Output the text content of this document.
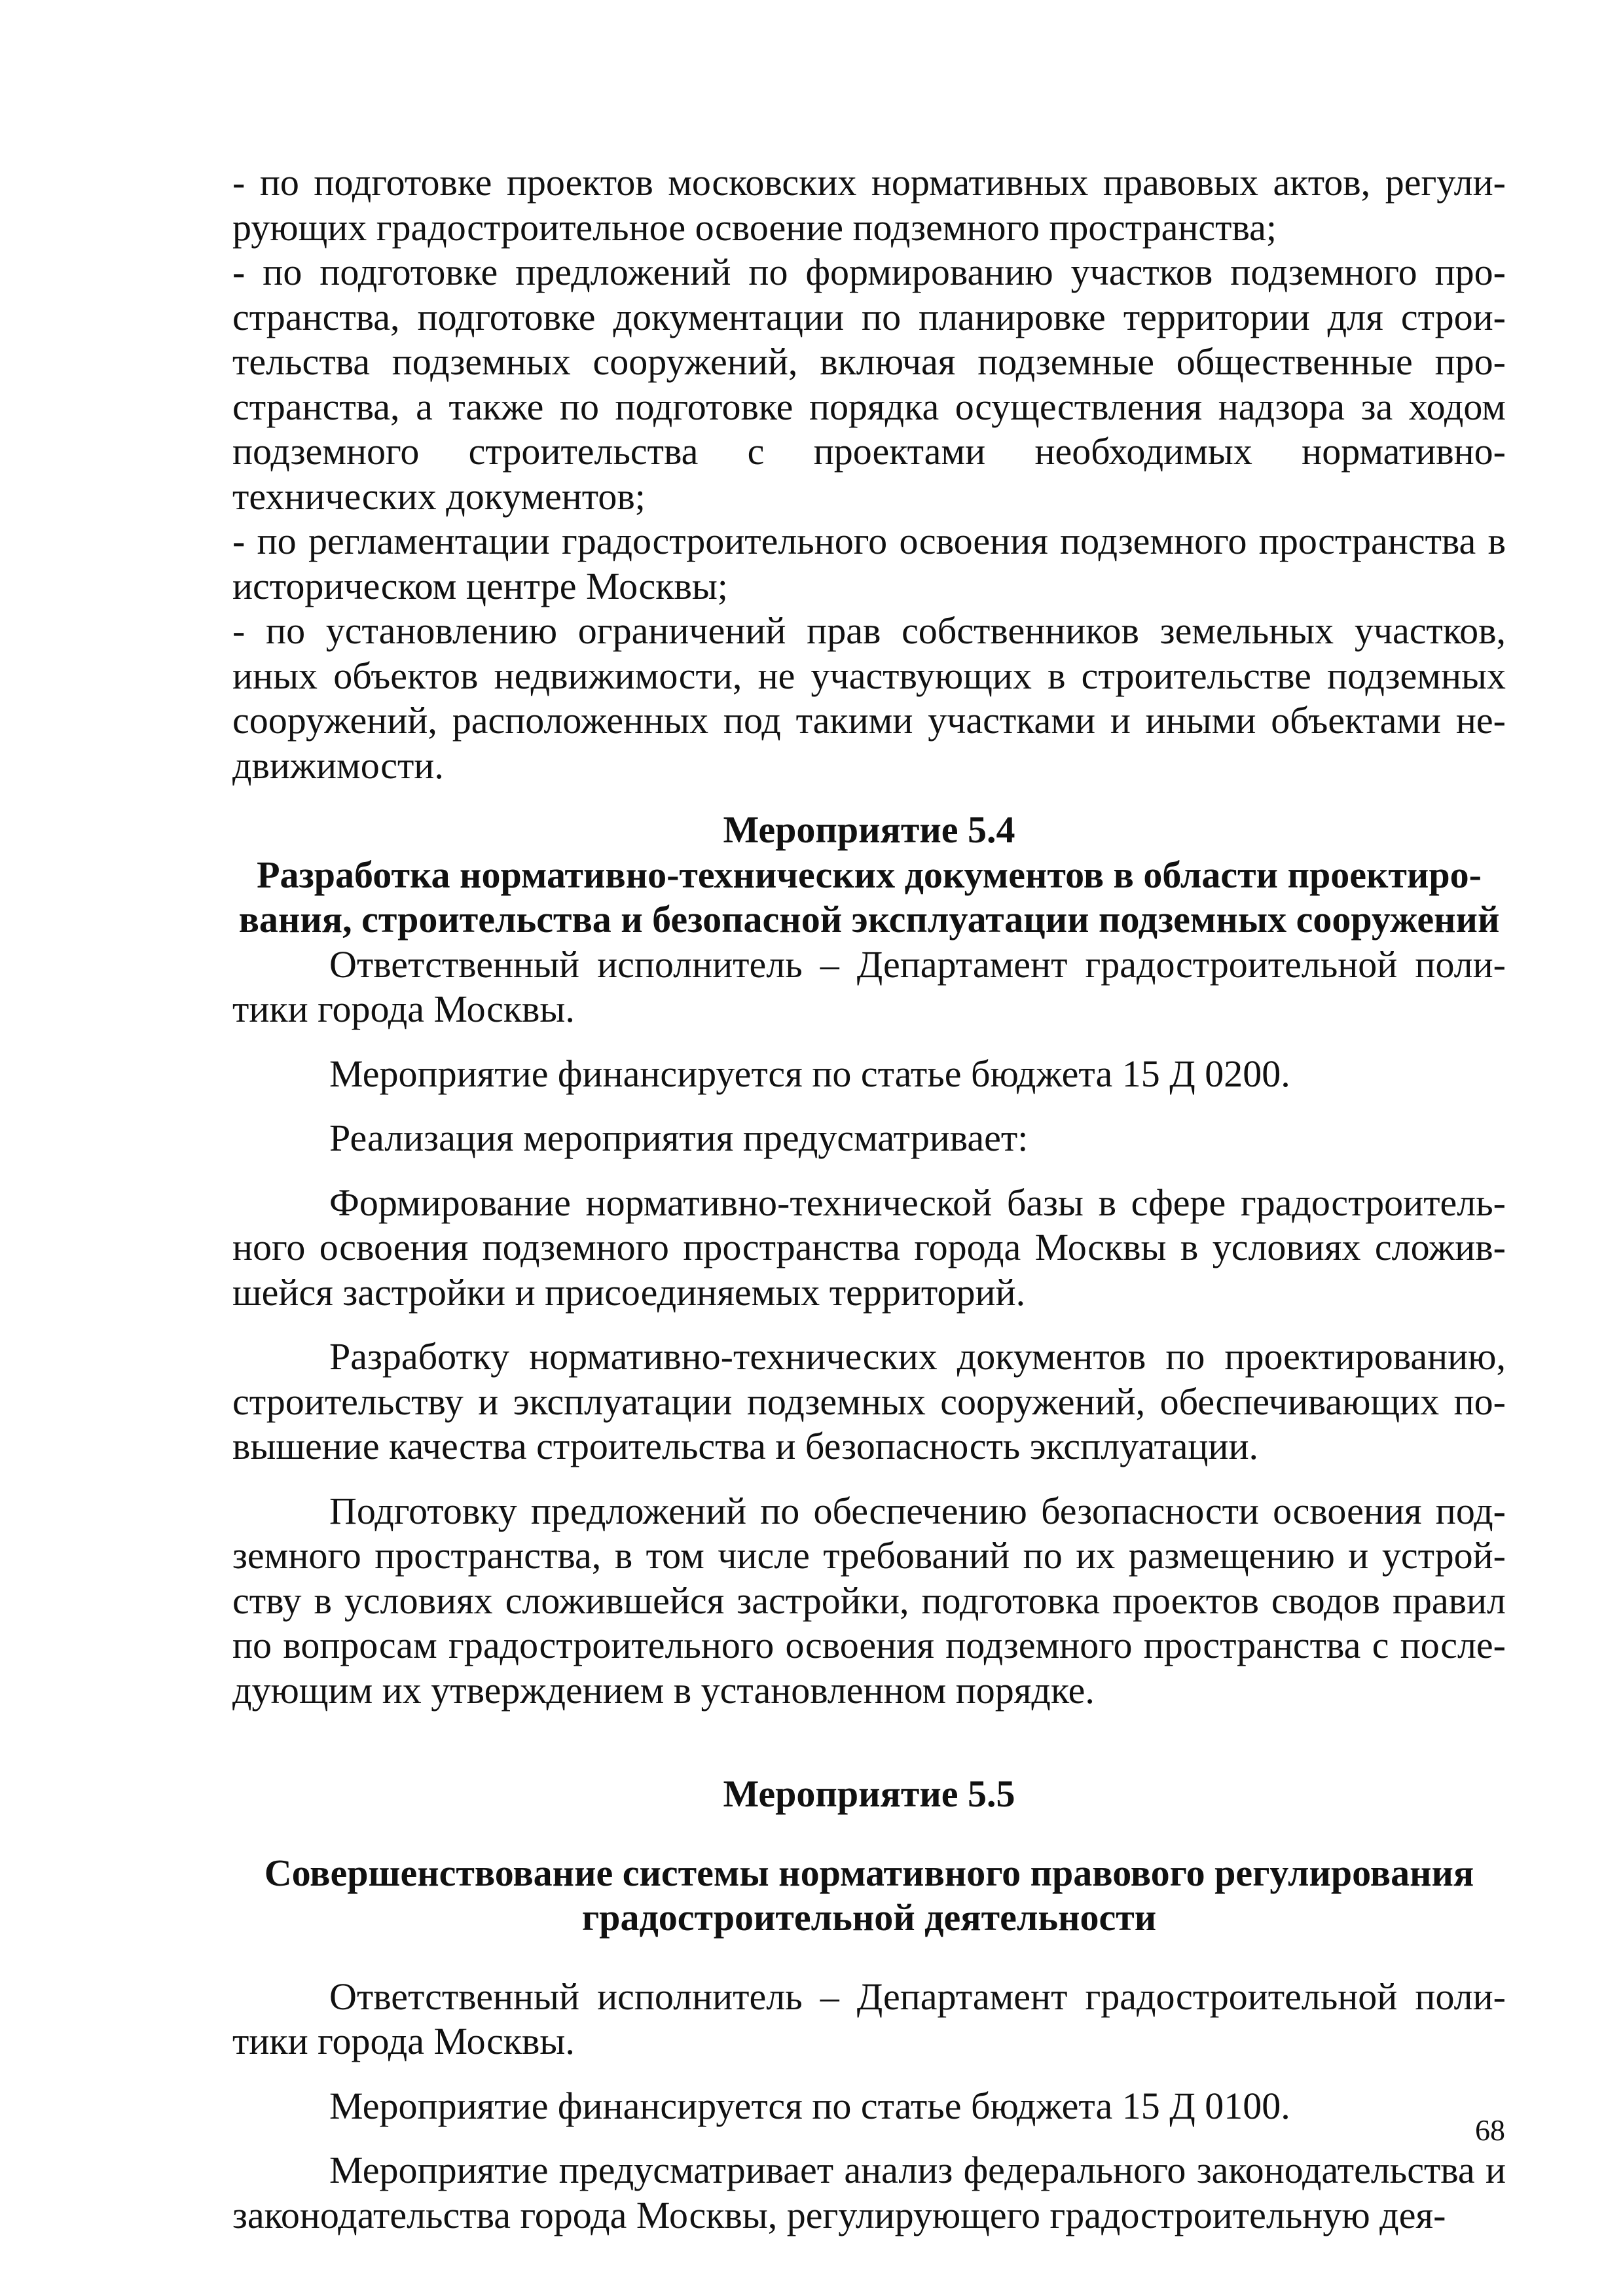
- по подготовке проектов московских нормативных правовых актов, регулирующих градостроительное освоение подземного пространства;

- по подготовке предложений по формированию участков подземного пространства, подготовке документации по планировке территории для строительства подземных сооружений, включая подземные общественные пространства, а также по подготовке порядка осуществления надзора за ходом подземного строительства с проектами необходимых нормативно-технических документов;

- по регламентации градостроительного освоения подземного пространства в историческом центре Москвы;

- по установлению ограничений прав собственников земельных участков, иных объектов недвижимости, не участвующих в строительстве подземных сооружений, расположенных под такими участками и иными объектами недвижимости.

Мероприятие 5.4

Разработка нормативно-технических документов в области проектирования, строительства и безопасной эксплуатации подземных сооружений

Ответственный исполнитель – Департамент градостроительной политики города Москвы.

Мероприятие финансируется по статье бюджета 15 Д 0200.

Реализация мероприятия предусматривает:

Формирование нормативно-технической базы в сфере градостроительного освоения подземного пространства города Москвы в условиях сложившейся застройки и присоединяемых территорий.

Разработку нормативно-технических документов по проектированию, строительству и эксплуатации подземных сооружений, обеспечивающих повышение качества строительства и безопасность эксплуатации.

Подготовку предложений по обеспечению безопасности освоения подземного пространства, в том числе требований по их размещению и устройству в условиях сложившейся застройки, подготовка проектов сводов правил по вопросам градостроительного освоения подземного пространства с последующим их утверждением в установленном порядке.

Мероприятие 5.5

Совершенствование системы нормативного правового регулирования градостроительной деятельности

Ответственный исполнитель – Департамент градостроительной политики города Москвы.

Мероприятие финансируется по статье бюджета 15 Д 0100.

Мероприятие предусматривает анализ федерального законодательства и законодательства города Москвы, регулирующего градостроительную дея-

68
